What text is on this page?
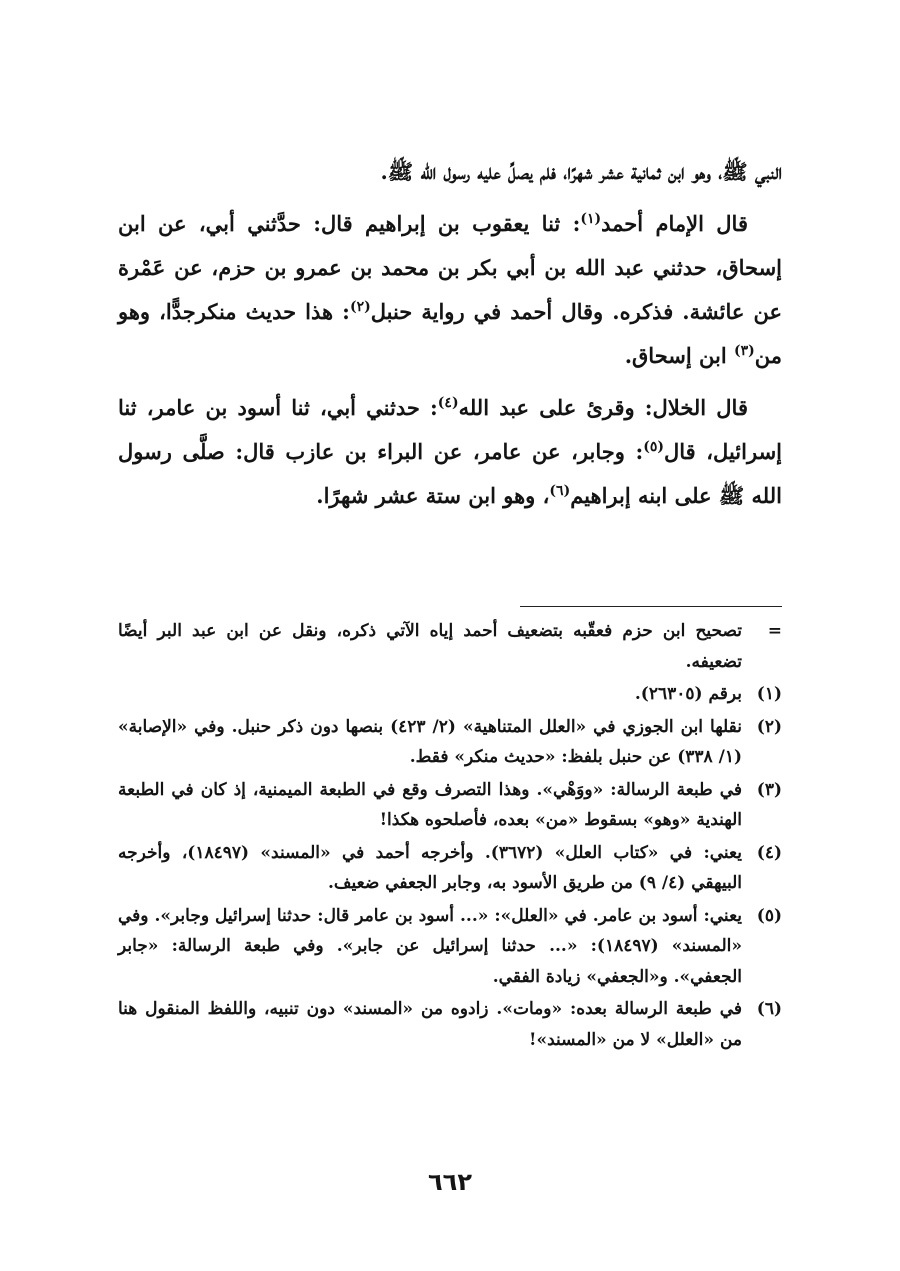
النبي ﷺ، وهو ابن ثمانية عشر شهرًا، فلم يصلِّ عليه رسول الله ﷺ.

قال الإمام أحمد$^{(١)}$: ثنا يعقوب بن إبراهيم قال: حدَّثني أبي، عن ابن إسحاق، حدثني عبد الله بن أبي بكر بن محمد بن عمرو بن حزم، عن عَمْرة عن عائشة. فذكره. وقال أحمد في رواية حنبل$^{(٢)}$: هذا حديث منكرجدًّا، وهو من$^{(٣)}$ ابن إسحاق.

قال الخلال: وقرئ على عبد الله$^{(٤)}$: حدثني أبي، ثنا أسود بن عامر، ثنا إسرائيل، قال$^{(٥)}$: وجابر، عن عامر، عن البراء بن عازب قال: صلَّى رسول الله ﷺ على ابنه إبراهيم$^{(٦)}$، وهو ابن ستة عشر شهرًا.

=
تصحيح ابن حزم فعقّبه بتضعيف أحمد إياه الآتي ذكره، ونقل عن ابن عبد البر أيضًا تضعيفه.
(١)
برقم (٢٦٣٠٥).
(٢)
نقلها ابن الجوزي في «العلل المتناهية» (٢/ ٤٢٣) بنصها دون ذكر حنبل. وفي «الإصابة» (١/ ٣٣٨) عن حنبل بلفظ: «حديث منكر» فقط.
(٣)
في طبعة الرسالة: «ووَهْي». وهذا التصرف وقع في الطبعة الميمنية، إذ كان في الطبعة الهندية «وهو» بسقوط «من» بعده، فأصلحوه هكذا!
(٤)
يعني: في «كتاب العلل» (٣٦٧٢). وأخرجه أحمد في «المسند» (١٨٤٩٧)، وأخرجه البيهقي (٤/ ٩) من طريق الأسود به، وجابر الجعفي ضعيف.
(٥)
يعني: أسود بن عامر. في «العلل»: «... أسود بن عامر قال: حدثنا إسرائيل وجابر». وفي «المسند» (١٨٤٩٧): «... حدثنا إسرائيل عن جابر». وفي طبعة الرسالة: «جابر الجعفي». و«الجعفي» زيادة الفقي.
(٦)
في طبعة الرسالة بعده: «ومات». زادوه من «المسند» دون تنبيه، واللفظ المنقول هنا من «العلل» لا من «المسند»!
٦٦٢
